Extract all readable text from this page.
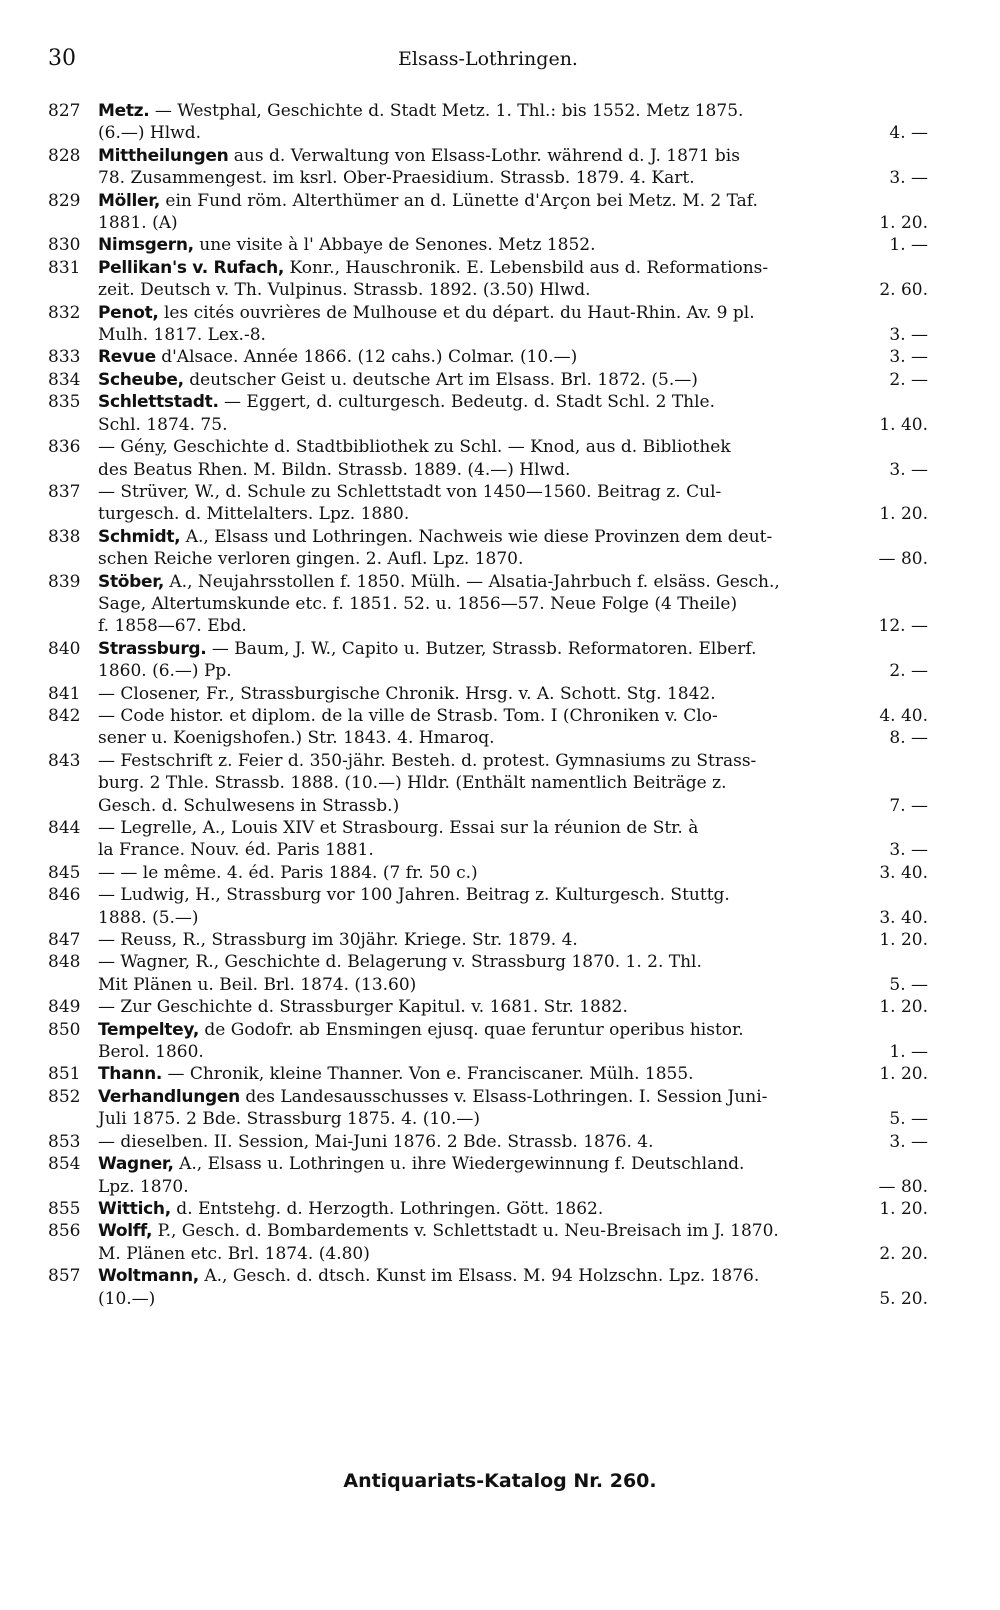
30	Elsass-Lothringen.
827 Metz. — Westphal, Geschichte d. Stadt Metz. 1. Thl.: bis 1552. Metz 1875.
(6.—) Hlwd.	4. —
828 Mittheilungen aus d. Verwaltung von Elsass-Lothr. während d. J. 1871 bis
78. Zusammengest. im ksrl. Ober-Praesidium. Strassb. 1879. 4. Kart.	3. —
829 Möller, ein Fund röm. Alterthümer an d. Lünette d'Arçon bei Metz. M. 2 Taf.
1881. (A)	1. 20.
830 Nimsgern, une visite à l' Abbaye de Senones. Metz 1852.	1. —
831 Pellikan's v. Rufach, Konr., Hauschronik. E. Lebensbild aus d. Reformations-
zeit. Deutsch v. Th. Vulpinus. Strassb. 1892. (3.50) Hlwd.	2. 60.
832 Penot, les cités ouvrières de Mulhouse et du départ. du Haut-Rhin. Av. 9 pl.
Mulh. 1817. Lex.-8.	3. —
833 Revue d'Alsace. Année 1866. (12 cahs.) Colmar. (10.—)	3. —
834 Scheube, deutscher Geist u. deutsche Art im Elsass. Brl. 1872. (5.—)	2. —
835 Schlettstadt. — Eggert, d. culturgesch. Bedeutg. d. Stadt Schl. 2 Thle.
Schl. 1874. 75.	1. 40.
836 — Gény, Geschichte d. Stadtbibliothek zu Schl. — Knod, aus d. Bibliothek
des Beatus Rhen. M. Bildn. Strassb. 1889. (4.—) Hlwd.	3. —
837 — Strüver, W., d. Schule zu Schlettstadt von 1450—1560. Beitrag z. Cul-
turgesch. d. Mittelalters. Lpz. 1880.	1. 20.
838 Schmidt, A., Elsass und Lothringen. Nachweis wie diese Provinzen dem deut-
schen Reiche verloren gingen. 2. Aufl. Lpz. 1870.	— 80.
839 Stöber, A., Neujahrsstollen f. 1850. Mülh. — Alsatia-Jahrbuch f. elsäss. Gesch.,
Sage, Altertumskunde etc. f. 1851. 52. u. 1856—57. Neue Folge (4 Theile)
f. 1858—67. Ebd.	12. —
840 Strassburg. — Baum, J. W., Capito u. Butzer, Strassb. Reformatoren. Elberf.
1860. (6.—) Pp.	2. —
841 — Closener, Fr., Strassburgische Chronik. Hrsg. v. A. Schott. Stg. 1842.
4. 40.
842 — Code histor. et diplom. de la ville de Strasb. Tom. I (Chroniken v. Clo-
sener u. Koenigshofen.) Str. 1843. 4. Hmaroq.	8. —
843 — Festschrift z. Feier d. 350-jähr. Besteh. d. protest. Gymnasiums zu Strass-
burg. 2 Thle. Strassb. 1888. (10.—) Hldr. (Enthält namentlich Beiträge z.
Gesch. d. Schulwesens in Strassb.)	7. —
844 — Legrelle, A., Louis XIV et Strasbourg. Essai sur la réunion de Str. à
la France. Nouv. éd. Paris 1881.	3. —
845 — — le même. 4. éd. Paris 1884. (7 fr. 50 c.)	3. 40.
846 — Ludwig, H., Strassburg vor 100 Jahren. Beitrag z. Kulturgesch. Stuttg.
1888. (5.—)	3. 40.
847 — Reuss, R., Strassburg im 30jähr. Kriege. Str. 1879. 4.	1. 20.
848 — Wagner, R., Geschichte d. Belagerung v. Strassburg 1870. 1. 2. Thl.
Mit Plänen u. Beil. Brl. 1874. (13.60)	5. —
849 — Zur Geschichte d. Strassburger Kapitul. v. 1681. Str. 1882.	1. 20.
850 Tempeltey, de Godofr. ab Ensmingen ejusq. quae feruntur operibus histor.
Berol. 1860.	1. —
851 Thann. — Chronik, kleine Thanner. Von e. Franciscaner. Mülh. 1855.	1. 20.
852 Verhandlungen des Landesausschusses v. Elsass-Lothringen. I. Session Juni-
Juli 1875. 2 Bde. Strassburg 1875. 4. (10.—)	5. —
853 — dieselben. II. Session, Mai-Juni 1876. 2 Bde. Strassb. 1876. 4.	3. —
854 Wagner, A., Elsass u. Lothringen u. ihre Wiedergewinnung f. Deutschland.
Lpz. 1870.	— 80.
855 Wittich, d. Entstehg. d. Herzogth. Lothringen. Gött. 1862.	1. 20.
856 Wolff, P., Gesch. d. Bombardements v. Schlettstadt u. Neu-Breisach im J. 1870.
M. Plänen etc. Brl. 1874. (4.80)	2. 20.
857 Woltmann, A., Gesch. d. dtsch. Kunst im Elsass. M. 94 Holzschn. Lpz. 1876.
(10.—)	5. 20.
Antiquariats-Katalog Nr. 260.
